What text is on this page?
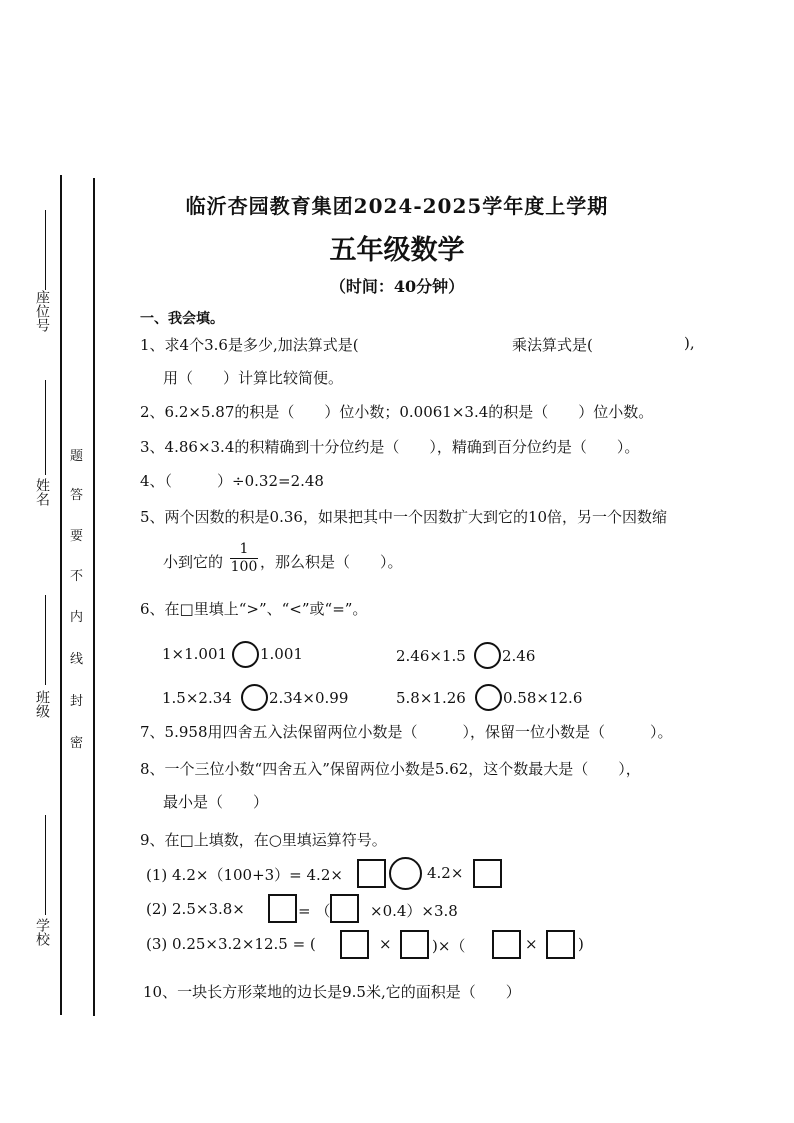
座位号
姓名
班级
学校
题
答
要
不
内
线
封
密
临沂杏园教育集团2024-2025学年度上学期
五年级数学
（时间：40分钟）
一、我会填。
1、求4个3.6是多少,加法算式是(	乘法算式是(	),
用（　　）计算比较简便。
2、6.2×5.87的积是（　　）位小数；0.0061×3.4的积是（　　）位小数。
3、4.86×3.4的积精确到十分位约是（　　），精确到百分位约是（　　）。
4、（　　　）÷0.32=2.48
5、两个因数的积是0.36，如果把其中一个因数扩大到它的10倍，另一个因数缩
小到它的 $\frac{1}{100}$ ，那么积是（　　）。
6、在□里填上“>”、“<”或“=”。
1×1.001 1.001	2.46×1.5 2.46
1.5×2.34 2.34×0.99	5.8×1.26 0.58×12.6
7、5.958用四舍五入法保留两位小数是（　　　），保留一位小数是（　　　）。
8、一个三位小数“四舍五入”保留两位小数是5.62，这个数最大是（　　），
最小是（　　）
9、在□上填数，在○里填运算符号。
(1) 4.2×（100+3）= 4.2×	4.2×
(2) 2.5×3.8×	= （	×0.4）×3.8
(3) 0.25×3.2×12.5 = (	×	)×（	×	)
10、一块长方形菜地的边长是9.5米,它的面积是（　　）
